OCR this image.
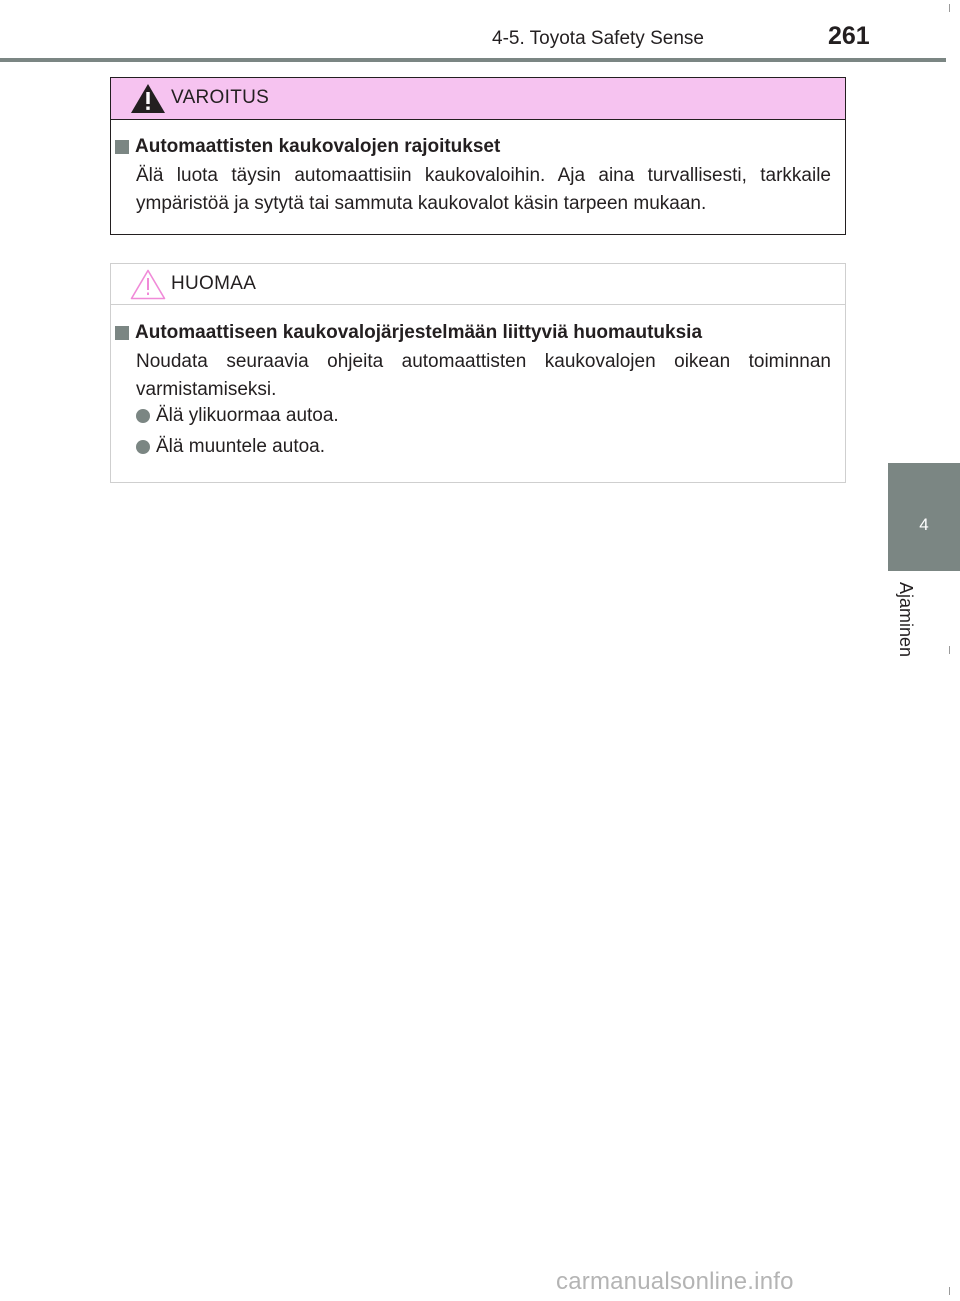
4-5. Toyota Safety Sense	261
4
Ajaminen
VAROITUS
Automaattisten kaukovalojen rajoitukset
Älä luota täysin automaattisiin kaukovaloihin. Aja aina turvallisesti, tarkkaile ympäristöä ja sytytä tai sammuta kaukovalot käsin tarpeen mukaan.
HUOMAA
Automaattiseen kaukovalojärjestelmään liittyviä huomautuksia
Noudata seuraavia ohjeita automaattisten kaukovalojen oikean toiminnan varmistamiseksi.
Älä ylikuormaa autoa.
Älä muuntele autoa.
carmanualsonline.info
